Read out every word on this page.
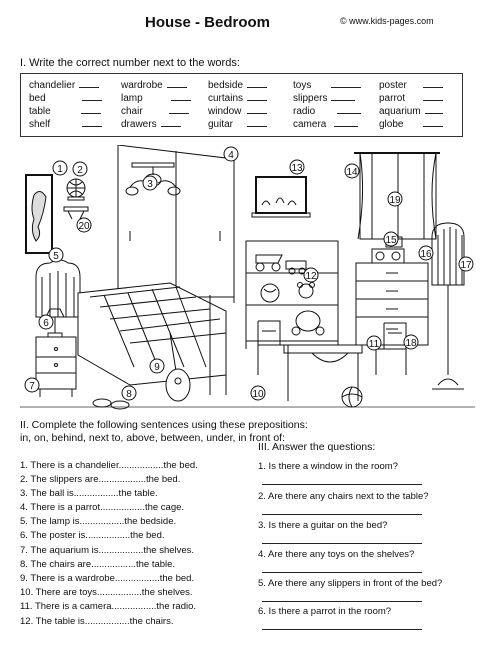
House - Bedroom	© www.kids-pages.com
I. Write the correct number next to the words:
chandelier	wardrobe	bedside	toys	poster
bed	lamp	curtains	slippers	parrot
table	chair	window	radio	aquarium
shelf	drawers	guitar	camera	globe
1 2
3
4
5
6
7
8
9
10
11
12
13	14
15
16
17
18
19
20
II. Complete the following sentences using these prepositions: in, on, behind, next to, above, between, under, in front of:
III. Answer the questions:
1. There is a chandelier.................the bed.
2. The slippers are..................the bed.
3. The ball is.................the table.
4. There is a parrot.................the cage.
5. The lamp is.................the bedside.
6. The poster is.................the bed.
7. The aquarium is.................the shelves.
8. The chairs are.................the table.
9. There is a wardrobe.................the bed.
10. There are toys.................the shelves.
11. There is a camera.................the radio.
12. The table is.................the chairs.
1. Is there a window in the room?
2. Are there any chairs next to the table?
3. Is there a guitar on the bed?
4. Are there any toys on the shelves?
5. Are there any slippers in front of the bed?
6. Is there a parrot in the room?
